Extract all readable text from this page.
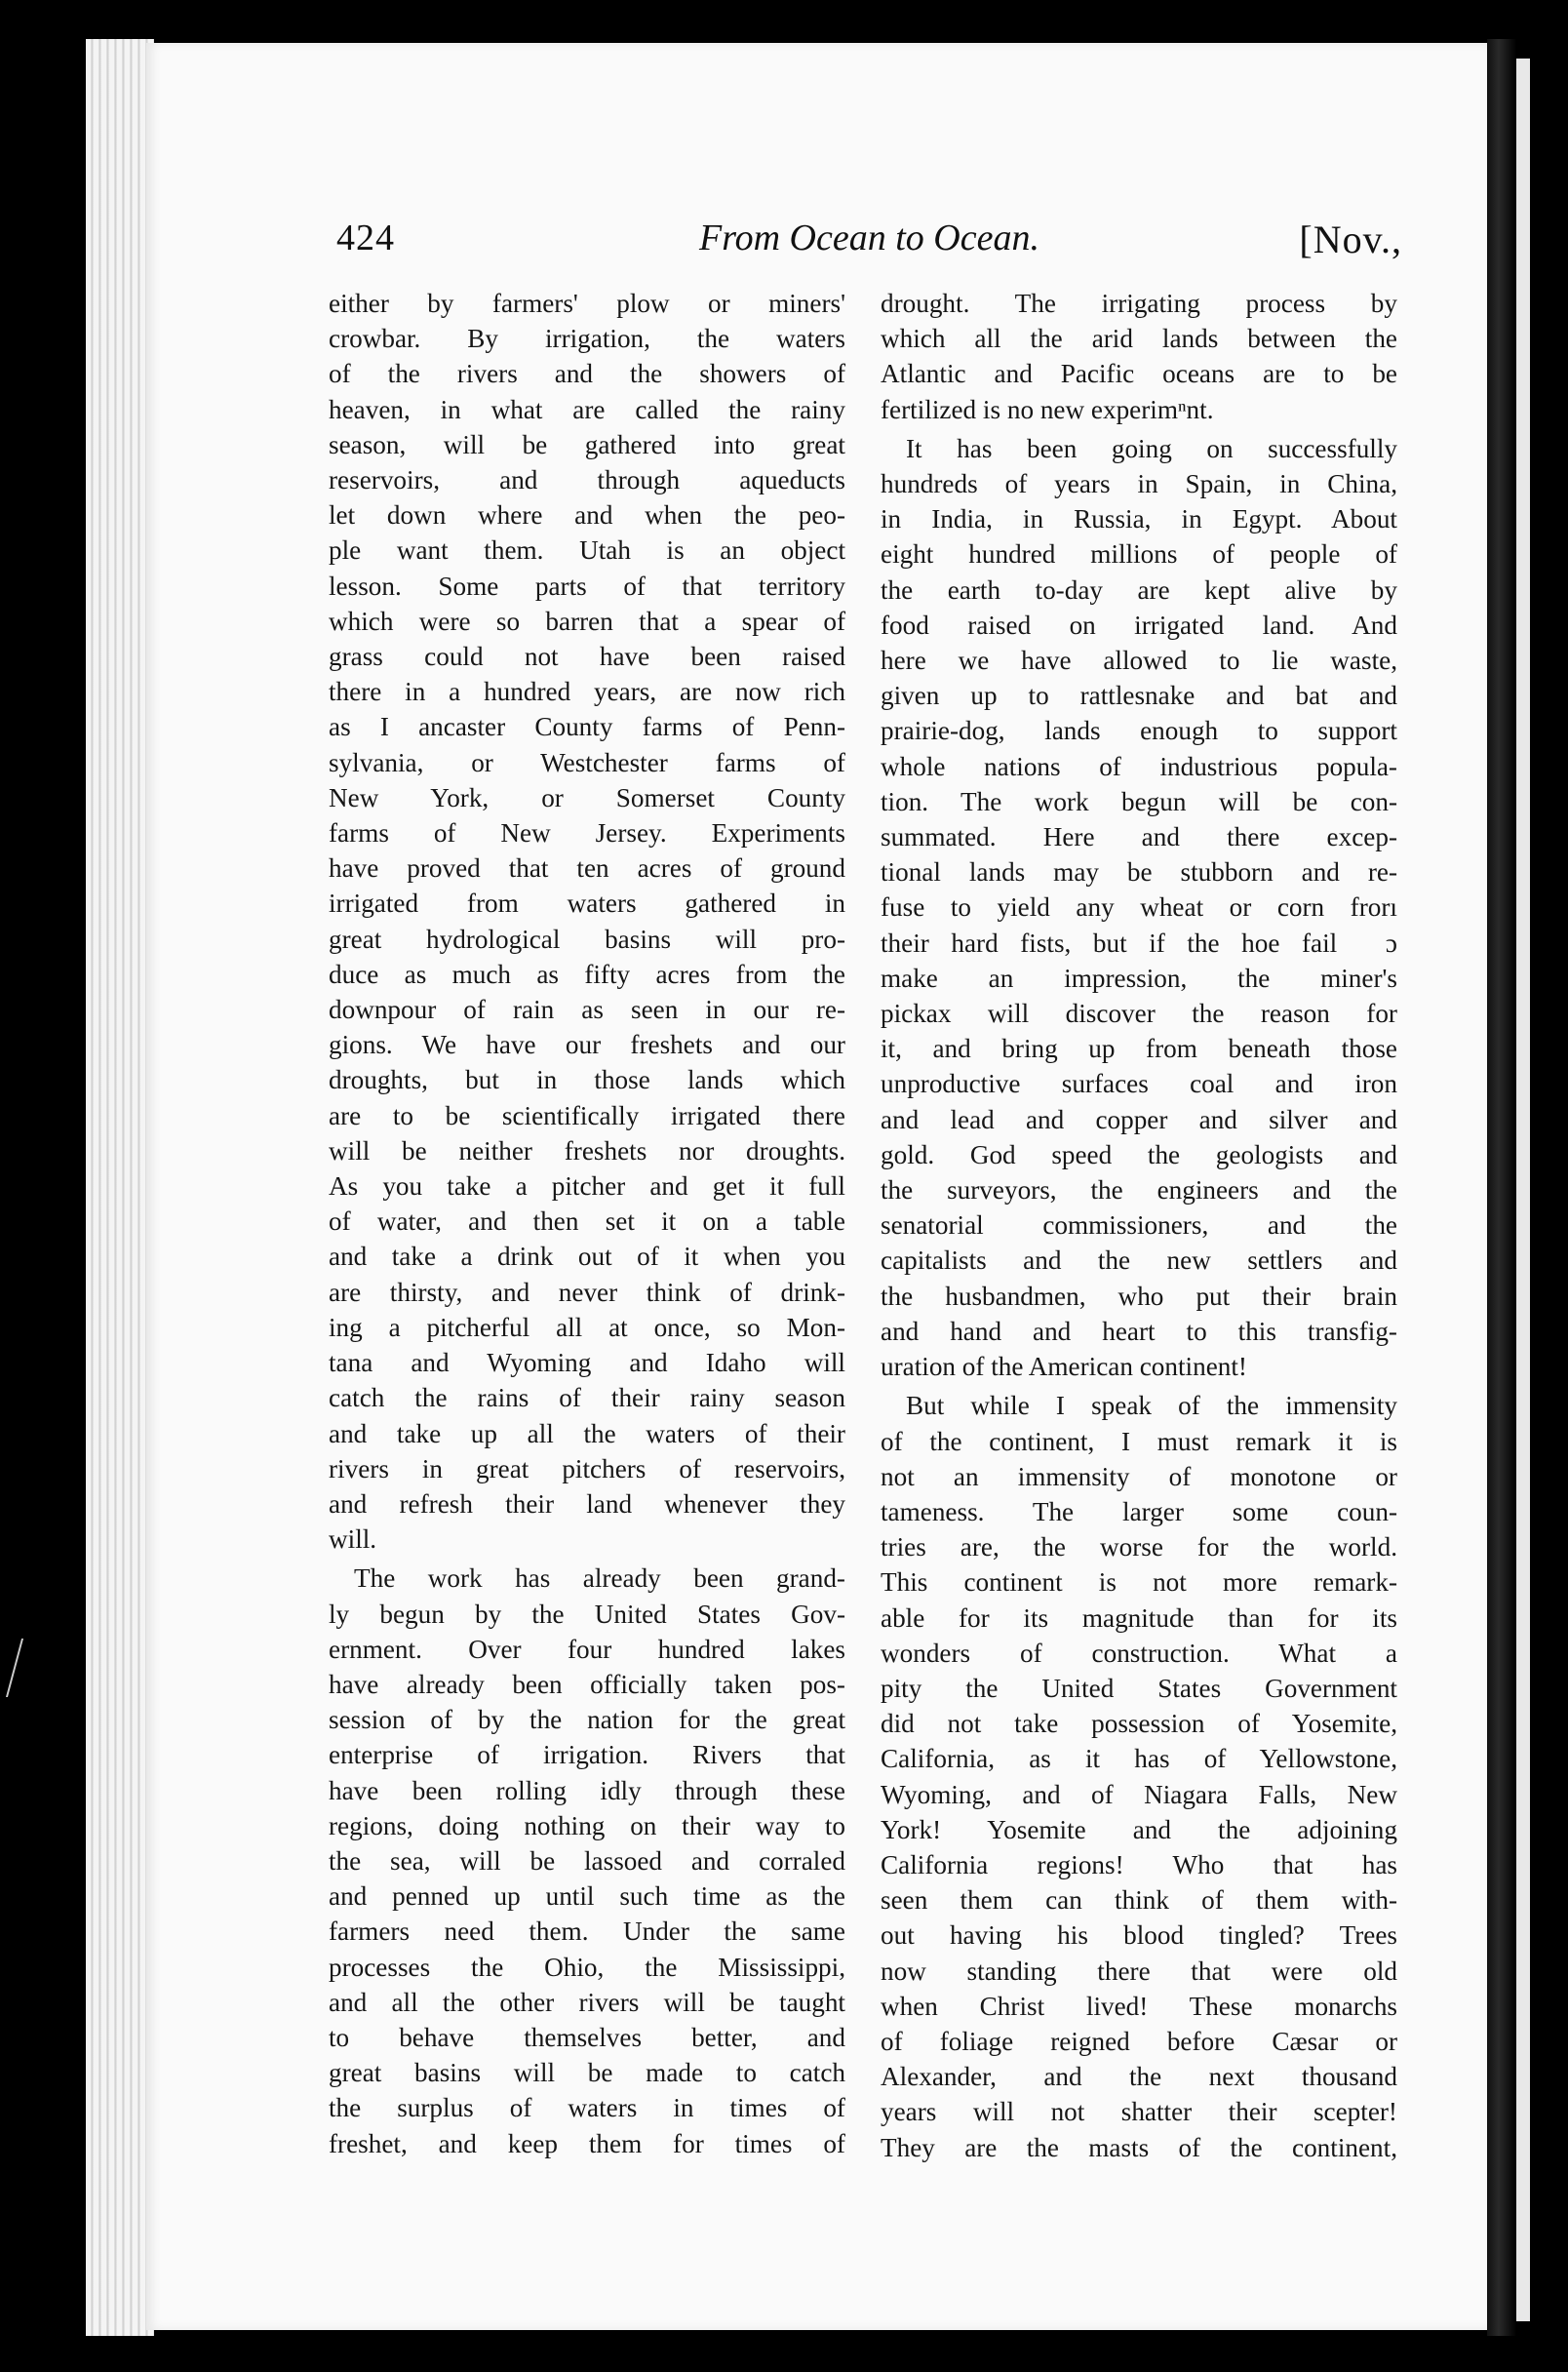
424	From Ocean to Ocean.	[Nov.,

either by farmers' plow or miners'

crowbar. By irrigation, the waters

of the rivers and the showers of

heaven, in what are called the rainy

season, will be gathered into great

reservoirs, and through aqueducts

let down where and when the peo-

ple want them. Utah is an object

lesson. Some parts of that territory

which were so barren that a spear of

grass could not have been raised

there in a hundred years, are now rich

as I ancaster County farms of Penn-

sylvania, or Westchester farms of

New York, or Somerset County

farms of New Jersey. Experiments

have proved that ten acres of ground

irrigated from waters gathered in

great hydrological basins will pro-

duce as much as fifty acres from the

downpour of rain as seen in our re-

gions. We have our freshets and our

droughts, but in those lands which

are to be scientifically irrigated there

will be neither freshets nor droughts.

As you take a pitcher and get it full

of water, and then set it on a table

and take a drink out of it when you

are thirsty, and never think of drink-

ing a pitcherful all at once, so Mon-

tana and Wyoming and Idaho will

catch the rains of their rainy season

and take up all the waters of their

rivers in great pitchers of reservoirs,

and refresh their land whenever they

will.

The work has already been grand-

ly begun by the United States Gov-

ernment. Over four hundred lakes

have already been officially taken pos-

session of by the nation for the great

enterprise of irrigation. Rivers that

have been rolling idly through these

regions, doing nothing on their way to

the sea, will be lassoed and corraled

and penned up until such time as the

farmers need them. Under the same

processes the Ohio, the Mississippi,

and all the other rivers will be taught

to behave themselves better, and

great basins will be made to catch

the surplus of waters in times of

freshet, and keep them for times of

drought. The irrigating process by

which all the arid lands between the

Atlantic and Pacific oceans are to be

fertilized is no new experimⁿnt.

It has been going on successfully

hundreds of years in Spain, in China,

in India, in Russia, in Egypt. About

eight hundred millions of people of

the earth to-day are kept alive by

food raised on irrigated land. And

here we have allowed to lie waste,

given up to rattlesnake and bat and

prairie-dog, lands enough to support

whole nations of industrious popula-

tion. The work begun will be con-

summated. Here and there excep-

tional lands may be stubborn and re-

fuse to yield any wheat or corn frorı

their hard fists, but if the hoe fail  ɔ

make an impression, the miner's

pickax will discover the reason for

it, and bring up from beneath those

unproductive surfaces coal and iron

and lead and copper and silver and

gold. God speed the geologists and

the surveyors, the engineers and the

senatorial commissioners, and the

capitalists and the new settlers and

the husbandmen, who put their brain

and hand and heart to this transfig-

uration of the American continent!

But while I speak of the immensity

of the continent, I must remark it is

not an immensity of monotone or

tameness. The larger some coun-

tries are, the worse for the world.

This continent is not more remark-

able for its magnitude than for its

wonders of construction. What a

pity the United States Government

did not take possession of Yosemite,

California, as it has of Yellowstone,

Wyoming, and of Niagara Falls, New

York! Yosemite and the adjoining

California regions! Who that has

seen them can think of them with-

out having his blood tingled? Trees

now standing there that were old

when Christ lived! These monarchs

of foliage reigned before Cæsar or

Alexander, and the next thousand

years will not shatter their scepter!

They are the masts of the continent,
